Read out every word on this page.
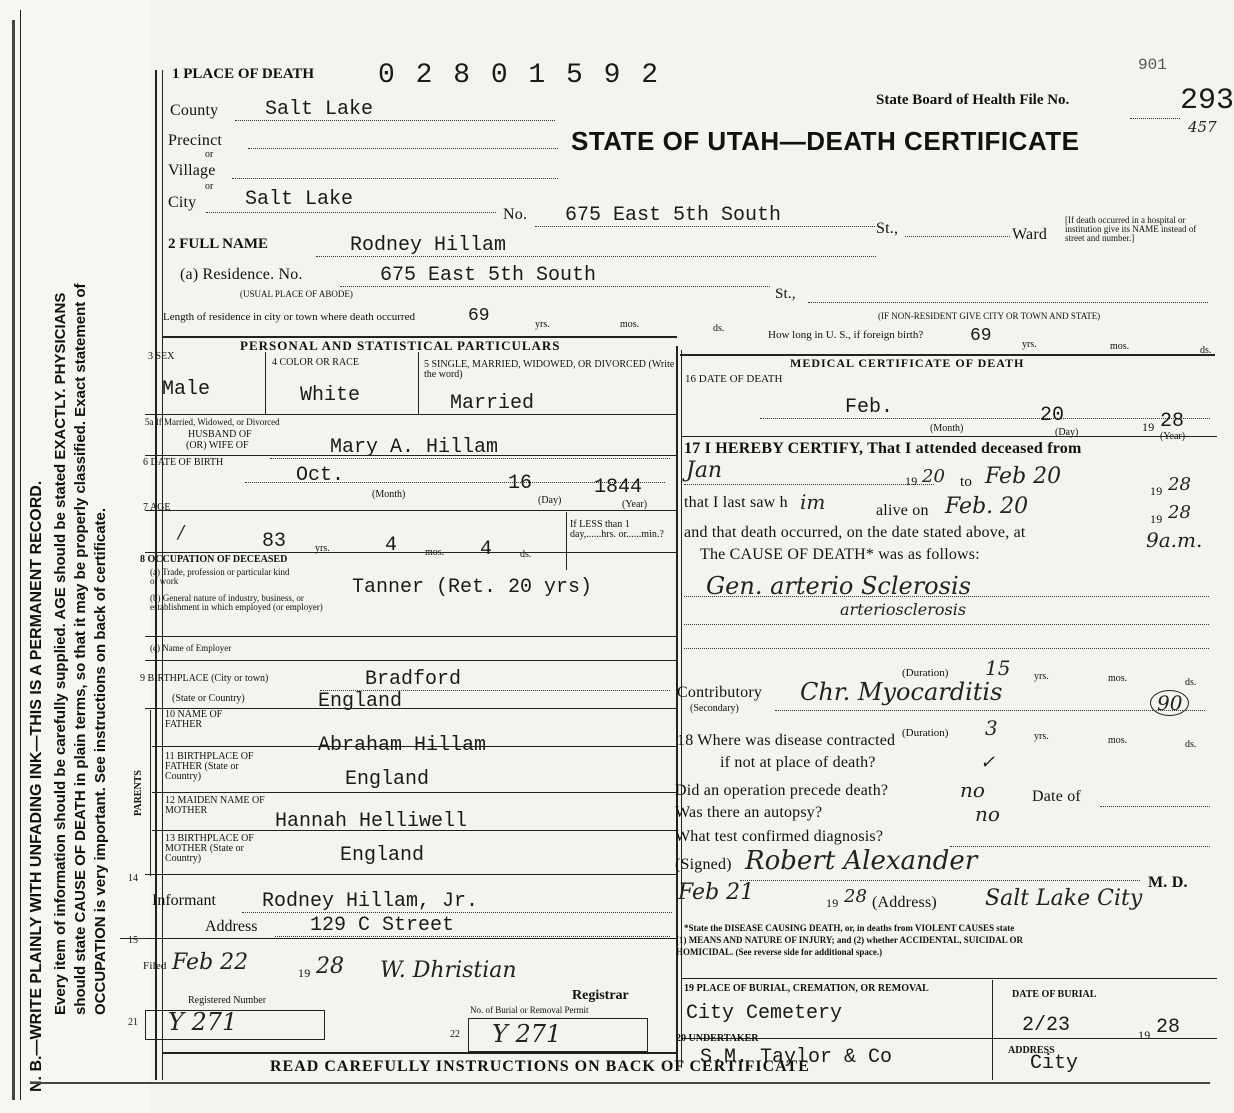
N. B.—WRITE PLAINLY WITH UNFADING INK—THIS IS A PERMANENT RECORD. Every item of information should be carefully supplied. AGE should be stated EXACTLY. PHYSICIANS should state CAUSE OF DEATH in plain terms, so that it may be properly classified. Exact statement of OCCUPATION is very important. See instructions on back of certificate.
1 PLACE OF DEATH 0 2 8 0 1 5 9 2	901
State Board of Health File No.	293
457
STATE OF UTAH—DEATH CERTIFICATE
County Salt Lake
Precinct
or
Village
or
City Salt Lake
No. 675 East 5th South
St.,	Ward
[If death occurred in a hospital or institution give its NAME instead of street and number.]
2 FULL NAME	Rodney Hillam
(a) Residence. No.	675 East 5th South
St.,
(USUAL PLACE OF ABODE)
(IF NON-RESIDENT GIVE CITY OR TOWN AND STATE)
Length of residence in city or town where death occurred	69	yrs.	mos.	ds.
How long in U. S., if foreign birth?	69	yrs.	mos.	ds.
PERSONAL AND STATISTICAL PARTICULARS
MEDICAL CERTIFICATE OF DEATH
3 SEX
Male
4 COLOR OR RACE
White
5 SINGLE, MARRIED, WIDOWED, OR DIVORCED (Write the word)
Married
5a If Married, Widowed, or Divorced
HUSBAND OF
(OR) WIFE OF	Mary A. Hillam
6 DATE OF BIRTH
Oct.	16	1844
(Month)
(Day)	(Year)
7 AGE
/	83	yrs.	4	mos. 4	ds.
If LESS than 1 day,......hrs. or......min.?
8 OCCUPATION OF DECEASED
(a) Trade, profession or particular kind of work
(b) General nature of industry, business, or establishment in which employed (or employer)
Tanner (Ret. 20 yrs)
(c) Name of Employer
9 BIRTHPLACE (City or town)	Bradford
(State or Country)	England
PARENTS
10 NAME OF FATHER
Abraham Hillam
11 BIRTHPLACE OF FATHER (State or Country)	England
12 MAIDEN NAME OF MOTHER	Hannah Helliwell
13 BIRTHPLACE OF MOTHER (State or Country)	England
14
Informant Rodney Hillam, Jr.
Address	129 C Street
15
Filed Feb 22	19 28 W. Dhristian
Registrar
Registered Number
21 Y 271	No. of Burial or Removal Permit
22 Y 271
16 DATE OF DEATH
Feb.	20	19 28
(Month)	(Day)	(Year)
17 I HEREBY CERTIFY, That I attended deceased from
Jan	19 20 to Feb 20
19 28
that I last saw h im	alive on Feb. 20	19 28
and that death occurred, on the date stated above, at	9a.m.
The CAUSE OF DEATH* was as follows:
Gen. arterio Sclerosis
arteriosclerosis
(Duration) 15 yrs.	mos.	ds.
Contributory
(Secondary)
Chr. Myocarditis	90
(Duration) 3	yrs.	mos.	ds.
18 Where was disease contracted
if not at place of death?	✓
Did an operation precede death?	no	Date of
Was there an autopsy?	no
What test confirmed diagnosis?
(Signed) Robert Alexander
M. D.
Feb 21	19 28 (Address) Salt Lake City
*State the DISEASE CAUSING DEATH, or, in deaths from VIOLENT CAUSES state
(1) MEANS AND NATURE OF INJURY; and (2) whether ACCIDENTAL, SUICIDAL OR
HOMICIDAL. (See reverse side for additional space.)
19 PLACE OF BURIAL, CREMATION, OR REMOVAL
City Cemetery
DATE OF BURIAL
2/23	19 28
20 UNDERTAKER
S.M. Taylor & Co	ADDRESS
City
READ CAREFULLY INSTRUCTIONS ON BACK OF CERTIFICATE
